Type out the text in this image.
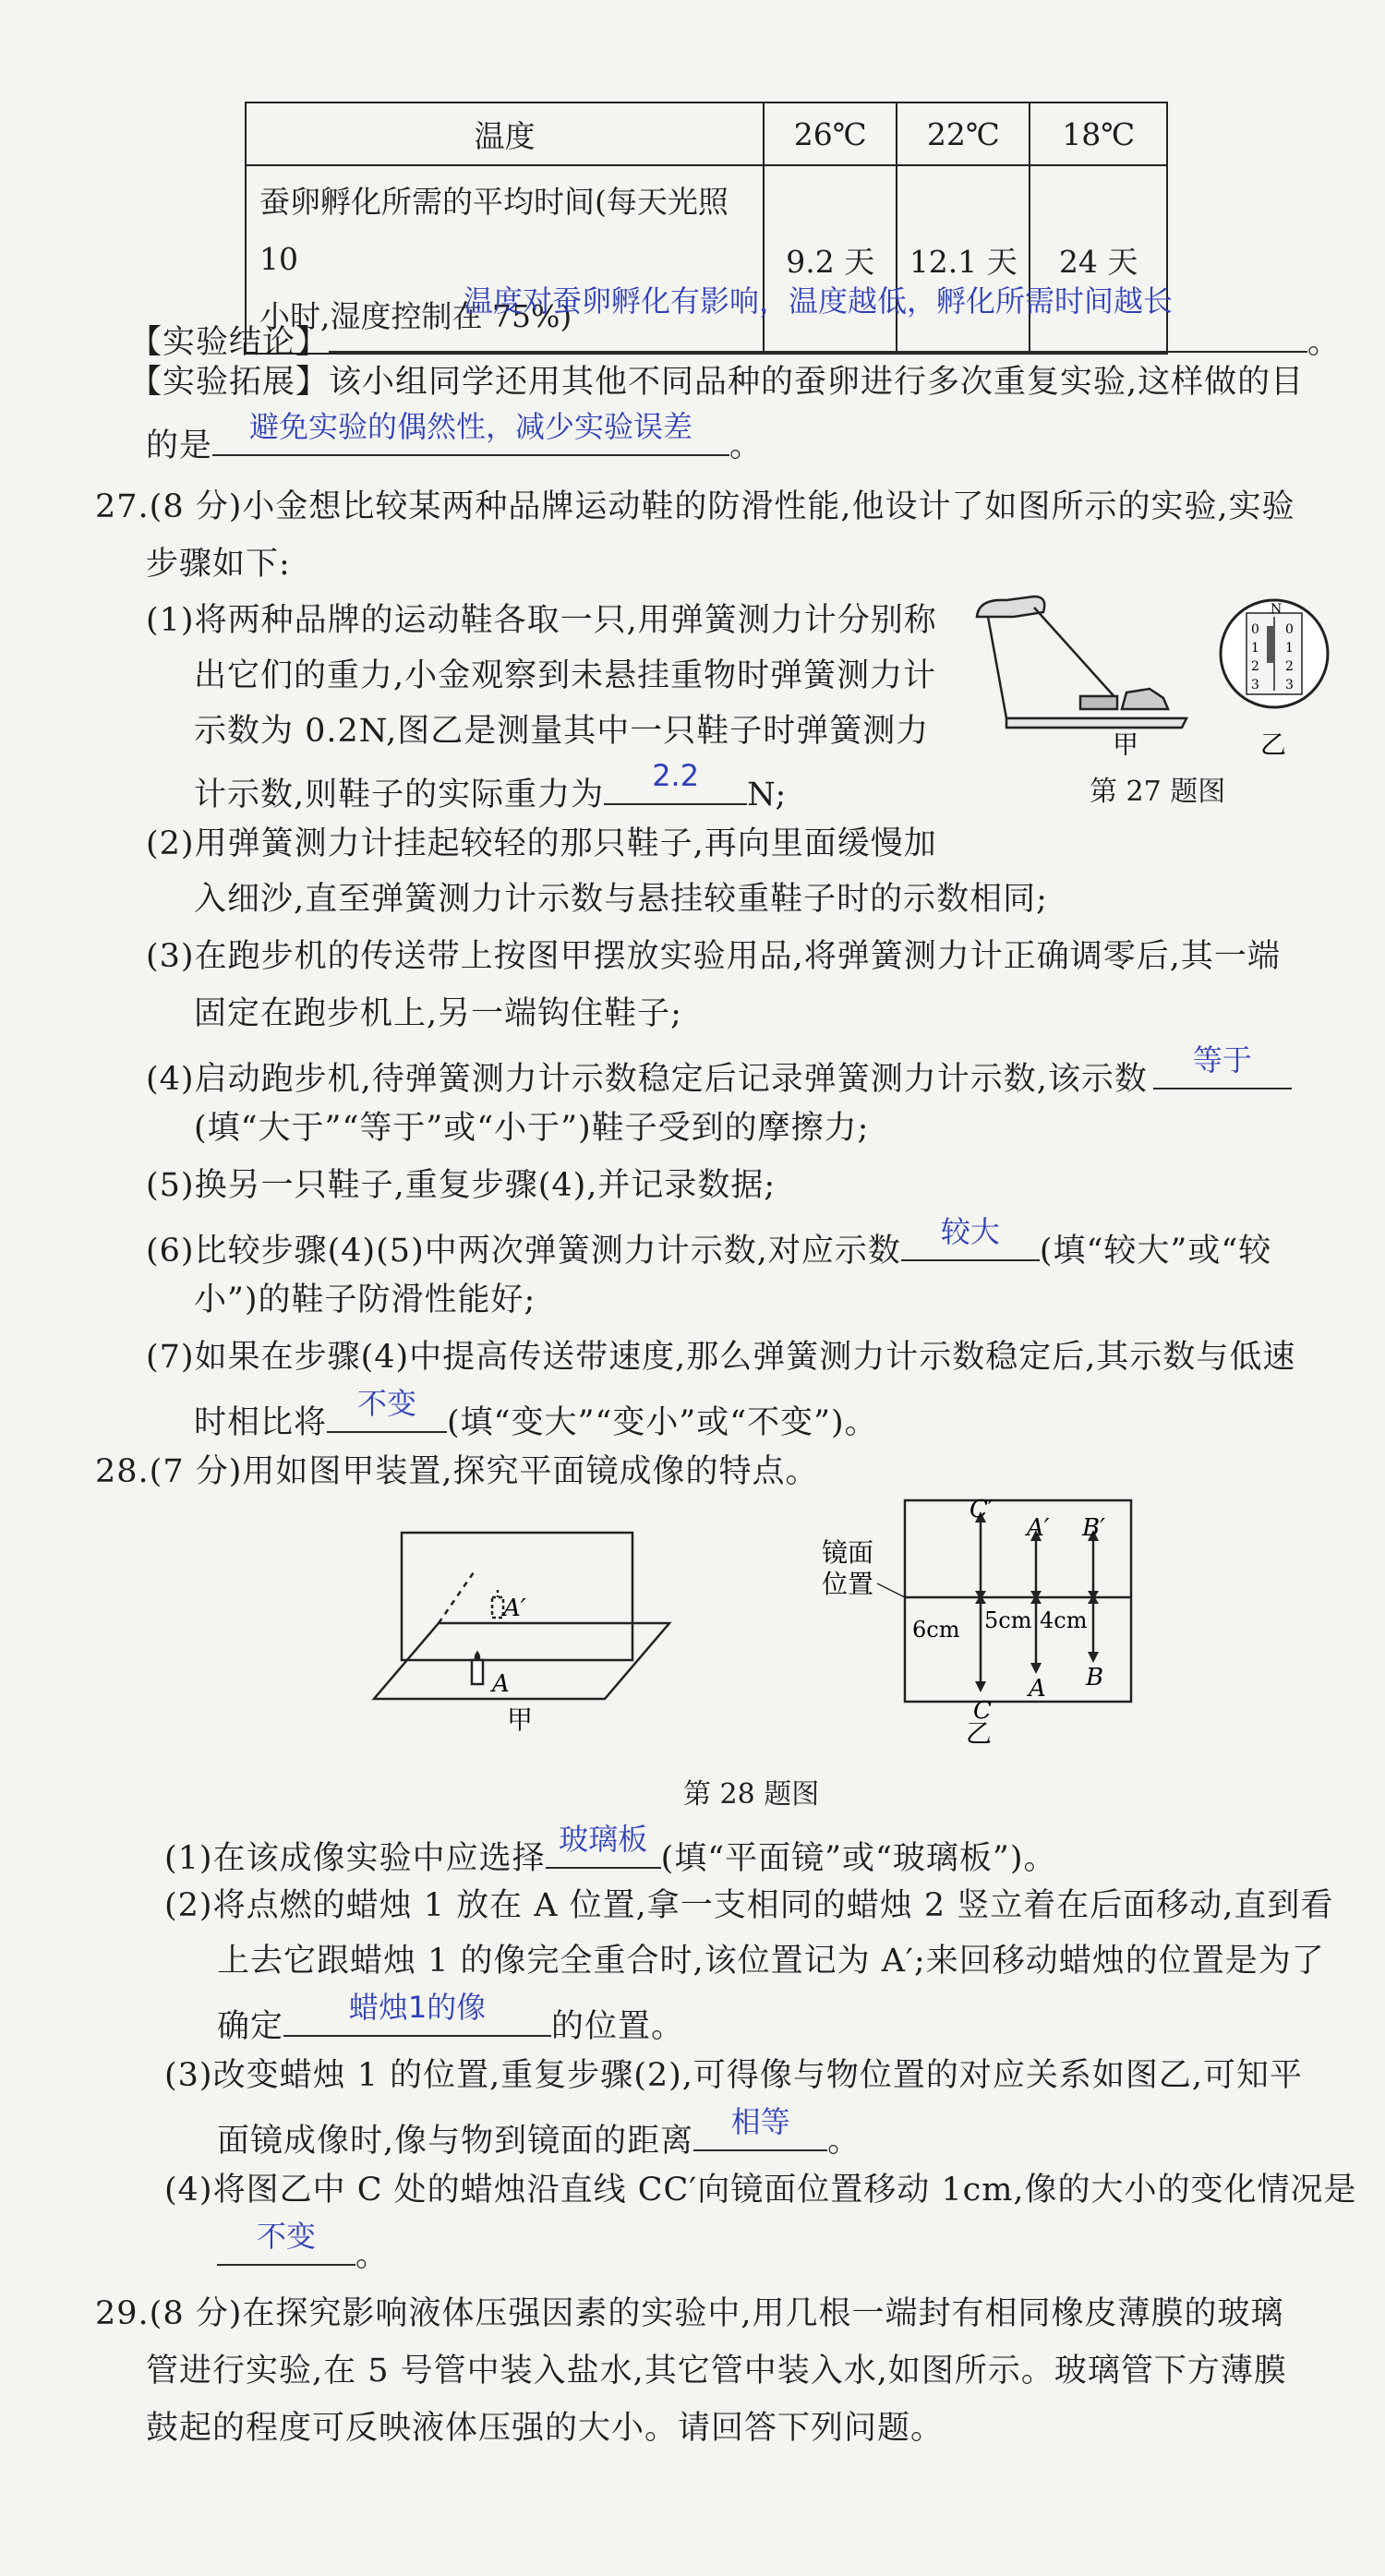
温度	26℃	22℃	18℃

蚕卵孵化所需的平均时间(每天光照 10
小时,湿度控制在 75%)	9.2 天	12.1 天	24 天
【实验结论】
温度对蚕卵孵化有影响，温度越低，孵化所需时间越长
。
【实验拓展】该小组同学还用其他不同品种的蚕卵进行多次重复实验,这样做的目
的是
避免实验的偶然性，减少实验误差
。
27.(8 分)小金想比较某两种品牌运动鞋的防滑性能,他设计了如图所示的实验,实验
步骤如下:
(1)将两种品牌的运动鞋各取一只,用弹簧测力计分别称
出它们的重力,小金观察到未悬挂重物时弹簧测力计
示数为 0.2N,图乙是测量其中一只鞋子时弹簧测力
计示数,则鞋子的实际重力为
2.2
N;
甲
N
0
1
2
3
0
1
2
3
乙
第 27 题图
(2)用弹簧测力计挂起较轻的那只鞋子,再向里面缓慢加
入细沙,直至弹簧测力计示数与悬挂较重鞋子时的示数相同;
(3)在跑步机的传送带上按图甲摆放实验用品,将弹簧测力计正确调零后,其一端
固定在跑步机上,另一端钩住鞋子;
(4)启动跑步机,待弹簧测力计示数稳定后记录弹簧测力计示数,该示数
等于
(填“大于”“等于”或“小于”)鞋子受到的摩擦力;
(5)换另一只鞋子,重复步骤(4),并记录数据;
(6)比较步骤(4)(5)中两次弹簧测力计示数,对应示数
较大
(填“较大”或“较
小”)的鞋子防滑性能好;
(7)如果在步骤(4)中提高传送带速度,那么弹簧测力计示数稳定后,其示数与低速
时相比将
不变
(填“变大”“变小”或“不变”)。
28.(7 分)用如图甲装置,探究平面镜成像的特点。
A′
A
甲
C′
A′ B′
C
A B
6cm 5cm 4cm
镜面
位置
乙
第 28 题图
(1)在该成像实验中应选择
玻璃板
(填“平面镜”或“玻璃板”)。
(2)将点燃的蜡烛 1 放在 A 位置,拿一支相同的蜡烛 2 竖立着在后面移动,直到看
上去它跟蜡烛 1 的像完全重合时,该位置记为 A′;来回移动蜡烛的位置是为了
确定
蜡烛1的像
的位置。
(3)改变蜡烛 1 的位置,重复步骤(2),可得像与物位置的对应关系如图乙,可知平
面镜成像时,像与物到镜面的距离
相等
。
(4)将图乙中 C 处的蜡烛沿直线 CC′向镜面位置移动 1cm,像的大小的变化情况是
不变
。
29.(8 分)在探究影响液体压强因素的实验中,用几根一端封有相同橡皮薄膜的玻璃
管进行实验,在 5 号管中装入盐水,其它管中装入水,如图所示。玻璃管下方薄膜
鼓起的程度可反映液体压强的大小。请回答下列问题。
